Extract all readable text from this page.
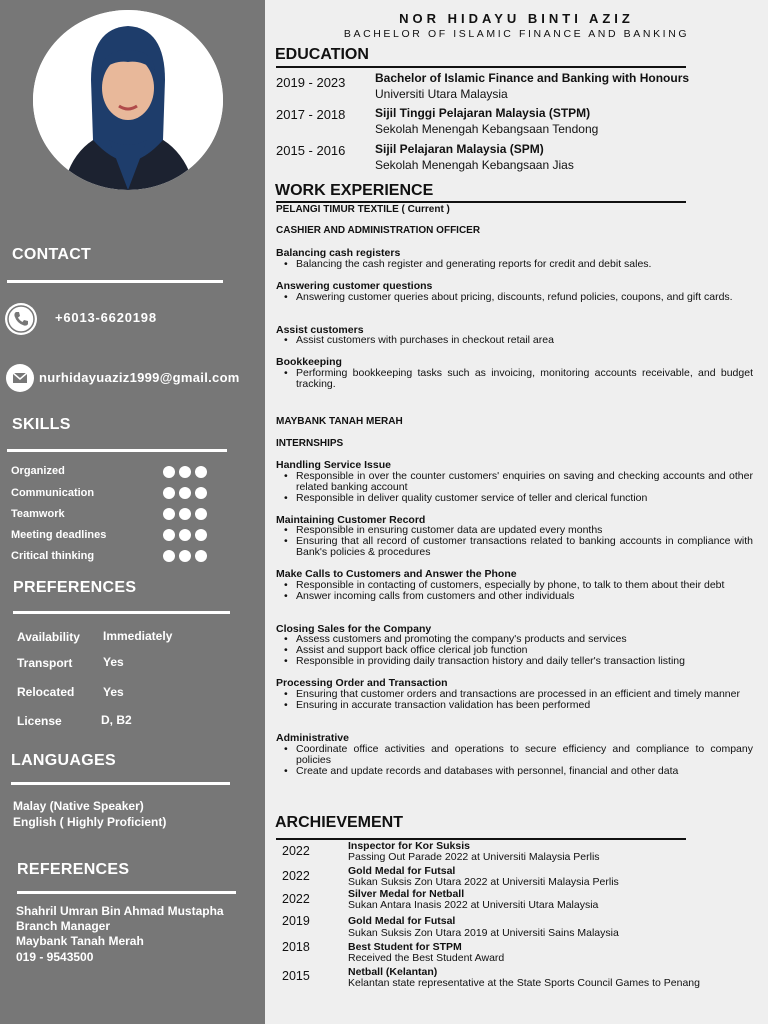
CONTACT
+6013-6620198
nurhidayuaziz1999@gmail.com
SKILLS
Organized
Communication
Teamwork
Meeting deadlines
Critical thinking
PREFERENCES
Availability Immediately
Transport	Yes
Relocated Yes
License	D, B2
LANGUAGES
Malay (Native Speaker)
English ( Highly Proficient)
REFERENCES
Shahril Umran Bin Ahmad Mustapha
Branch Manager
Maybank Tanah Merah
019 - 9543500
NOR HIDAYU BINTI AZIZ
BACHELOR OF ISLAMIC FINANCE AND BANKING
EDUCATION
2019 - 2023 Bachelor of Islamic Finance and Banking with Honours
Universiti Utara Malaysia
2017 - 2018 Sijil Tinggi Pelajaran Malaysia (STPM)
Sekolah Menengah Kebangsaan Tendong
2015 - 2016 Sijil Pelajaran Malaysia (SPM)
Sekolah Menengah Kebangsaan Jias
WORK EXPERIENCE
PELANGI TIMUR TEXTILE ( Current )
CASHIER AND ADMINISTRATION OFFICER
Balancing cash registers
• Balancing the cash register and generating reports for credit and debit sales.
Answering customer questions
• Answering customer queries about pricing, discounts, refund policies, coupons, and gift cards.
Assist customers
• Assist customers with purchases in checkout retail area
Bookkeeping
• Performing bookkeeping tasks such as invoicing, monitoring accounts receivable, and budget tracking.
MAYBANK TANAH MERAH
INTERNSHIPS
Handling Service Issue
• Responsible in over the counter customers' enquiries on saving and checking accounts and other related banking account
• Responsible in deliver quality customer service of teller and clerical function
Maintaining Customer Record
• Responsible in ensuring customer data are updated every months
• Ensuring that all record of customer transactions related to banking accounts in compliance with Bank's policies & procedures
Make Calls to Customers and Answer the Phone
• Responsible in contacting of customers, especially by phone, to talk to them about their debt
• Answer incoming calls from customers and other individuals
Closing Sales for the Company
• Assess customers and promoting the company's products and services
• Assist and support back office clerical job function
• Responsible in providing daily transaction history and daily teller's transaction listing
Processing Order and Transaction
• Ensuring that customer orders and transactions are processed in an efficient and timely manner
• Ensuring in accurate transaction validation has been performed
Administrative
• Coordinate office activities and operations to secure efficiency and compliance to company policies
• Create and update records and databases with personnel, financial and other data
ARCHIEVEMENT
2022	Inspector for Kor Suksis
Passing Out Parade 2022 at Universiti Malaysia Perlis
2022	Gold Medal for Futsal
Sukan Suksis Zon Utara 2022 at Universiti Malaysia Perlis
2022	Silver Medal for Netball
Sukan Antara Inasis 2022 at Universiti Utara Malaysia
2019	Gold Medal for Futsal
Sukan Suksis Zon Utara 2019 at Universiti Sains Malaysia
2018	Best Student for STPM
Received the Best Student Award
2015	Netball (Kelantan)
Kelantan state representative at the State Sports Council Games to Penang
